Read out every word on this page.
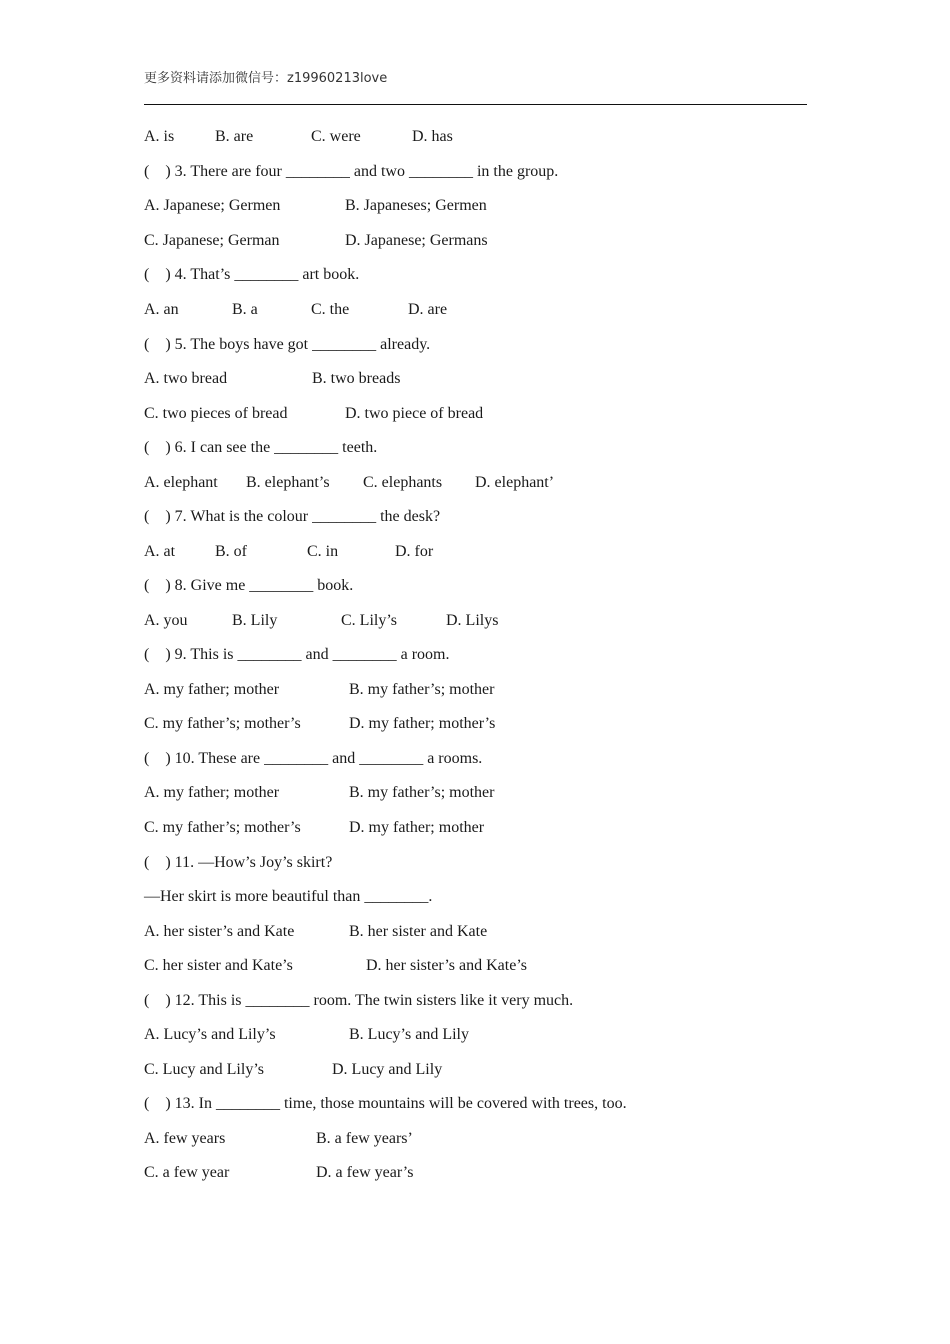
更多资料请添加微信号：z19960213love
A. is	B. are	C. were	D. has
(    ) 3. There are four ________ and two ________ in the group.
A. Japanese; Germen	B. Japaneses; Germen
C. Japanese; German	D. Japanese; Germans
(    ) 4. That’s ________ art book.
A. an	B. a	C. the	D. are
(    ) 5. The boys have got ________ already.
A. two bread	B. two breads
C. two pieces of bread	D. two piece of bread
(    ) 6. I can see the ________ teeth.
A. elephant B. elephant’s C. elephants D. elephant’
(    ) 7. What is the colour ________ the desk?
A. at B. of	C. in	D. for
(    ) 8. Give me ________ book.
A. you	B. Lily	C. Lily’s	D. Lilys
(    ) 9. This is ________ and ________ a room.
A. my father; mother	B. my father’s; mother
C. my father’s; mother’s	D. my father; mother’s
(    ) 10. These are ________ and ________ a rooms.
A. my father; mother	B. my father’s; mother
C. my father’s; mother’s	D. my father; mother
(    ) 11. —How’s Joy’s skirt?
—Her skirt is more beautiful than ________.
A. her sister’s and Kate	B. her sister and Kate
C. her sister and Kate’s	D. her sister’s and Kate’s
(    ) 12. This is ________ room. The twin sisters like it very much.
A. Lucy’s and Lily’s	B. Lucy’s and Lily
C. Lucy and Lily’s	D. Lucy and Lily
(    ) 13. In ________ time, those mountains will be covered with trees, too.
A. few years	B. a few years’
C. a few year	D. a few year’s
